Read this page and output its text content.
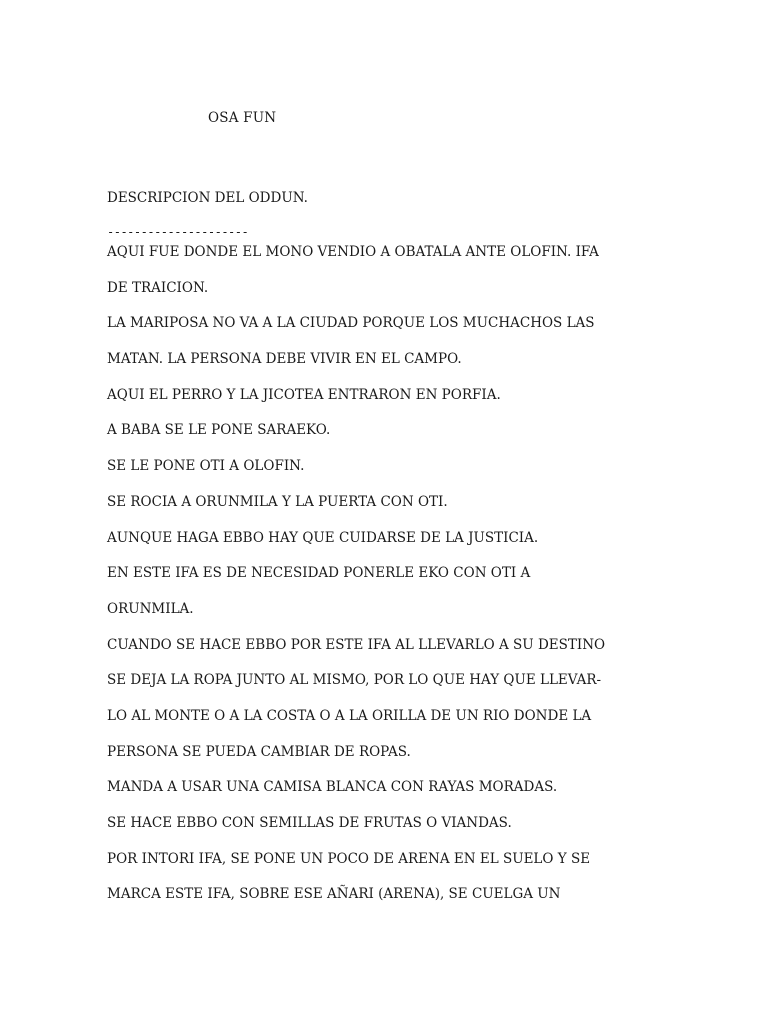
OSA FUN
DESCRIPCION DEL ODDUN.
---------------------
AQUI FUE DONDE EL MONO VENDIO A OBATALA ANTE OLOFIN. IFA
DE TRAICION.
LA MARIPOSA NO VA A LA CIUDAD PORQUE LOS MUCHACHOS LAS
MATAN. LA PERSONA DEBE VIVIR EN EL CAMPO.
AQUI EL PERRO Y LA JICOTEA ENTRARON EN PORFIA.
A BABA SE LE PONE SARAEKO.
SE LE PONE OTI A OLOFIN.
SE ROCIA A ORUNMILA Y LA PUERTA CON OTI.
AUNQUE HAGA EBBO HAY QUE CUIDARSE DE LA JUSTICIA.
EN ESTE IFA ES DE NECESIDAD PONERLE EKO CON OTI A
ORUNMILA.
CUANDO SE HACE EBBO POR ESTE IFA AL LLEVARLO A SU DESTINO
SE DEJA LA ROPA JUNTO AL MISMO, POR LO QUE HAY QUE LLEVAR-
LO AL MONTE O A LA COSTA O A LA ORILLA DE UN RIO DONDE LA
PERSONA SE PUEDA CAMBIAR DE ROPAS.
MANDA A USAR UNA CAMISA BLANCA CON RAYAS MORADAS.
SE HACE EBBO CON SEMILLAS DE FRUTAS O VIANDAS.
POR INTORI IFA, SE PONE UN POCO DE ARENA EN EL SUELO Y SE
MARCA ESTE IFA, SOBRE ESE AÑARI (ARENA), SE CUELGA UN
